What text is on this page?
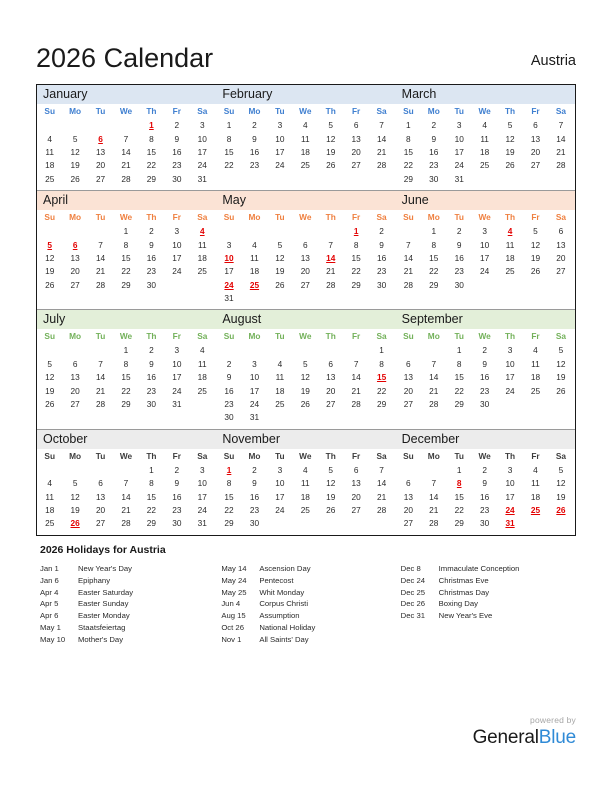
2026 Calendar	Austria
January	February	March
Su	Mo	Tu	We	Th	Fr	Sa
				1	2	3
4	5	6	7	8	9	10
11	12	13	14	15	16	17
18	19	20	21	22	23	24
25	26	27	28	29	30	31
Su	Mo	Tu	We	Th	Fr	Sa
1	2	3	4	5	6	7
8	9	10	11	12	13	14
15	16	17	18	19	20	21
22	23	24	25	26	27	28
Su	Mo	Tu	We	Th	Fr	Sa
1	2	3	4	5	6	7
8	9	10	11	12	13	14
15	16	17	18	19	20	21
22	23	24	25	26	27	28
29	30	31				
April	May	June
Su	Mo	Tu	We	Th	Fr	Sa
			1	2	3	4
5	6	7	8	9	10	11
12	13	14	15	16	17	18
19	20	21	22	23	24	25
26	27	28	29	30		
Su	Mo	Tu	We	Th	Fr	Sa
					1	2
3	4	5	6	7	8	9
10	11	12	13	14	15	16
17	18	19	20	21	22	23
24	25	26	27	28	29	30
31						
Su	Mo	Tu	We	Th	Fr	Sa
	1	2	3	4	5	6
7	8	9	10	11	12	13
14	15	16	17	18	19	20
21	22	23	24	25	26	27
28	29	30				
July	August	September
Su	Mo	Tu	We	Th	Fr	Sa
			1	2	3	4
5	6	7	8	9	10	11
12	13	14	15	16	17	18
19	20	21	22	23	24	25
26	27	28	29	30	31	
Su	Mo	Tu	We	Th	Fr	Sa
						1
2	3	4	5	6	7	8
9	10	11	12	13	14	15
16	17	18	19	20	21	22
23	24	25	26	27	28	29
30	31					
Su	Mo	Tu	We	Th	Fr	Sa
		1	2	3	4	5
6	7	8	9	10	11	12
13	14	15	16	17	18	19
20	21	22	23	24	25	26
27	28	29	30			
October	November	December
Su	Mo	Tu	We	Th	Fr	Sa
				1	2	3
4	5	6	7	8	9	10
11	12	13	14	15	16	17
18	19	20	21	22	23	24
25	26	27	28	29	30	31
Su	Mo	Tu	We	Th	Fr	Sa
1	2	3	4	5	6	7
8	9	10	11	12	13	14
15	16	17	18	19	20	21
22	23	24	25	26	27	28
29	30					
Su	Mo	Tu	We	Th	Fr	Sa
		1	2	3	4	5
6	7	8	9	10	11	12
13	14	15	16	17	18	19
20	21	22	23	24	25	26
27	28	29	30	31		
2026 Holidays for Austria
Jan 1	New Year's Day
Jan 6	Epiphany
Apr 4	Easter Saturday
Apr 5	Easter Sunday
Apr 6	Easter Monday
May 1	Staatsfeiertag
May 10	Mother's Day
May 14	Ascension Day
May 24	Pentecost
May 25	Whit Monday
Jun 4	Corpus Christi
Aug 15	Assumption
Oct 26	National Holiday
Nov 1	All Saints' Day
Dec 8	Immaculate Conception
Dec 24	Christmas Eve
Dec 25	Christmas Day
Dec 26	Boxing Day
Dec 31	New Year's Eve
powered by
GeneralBlue
